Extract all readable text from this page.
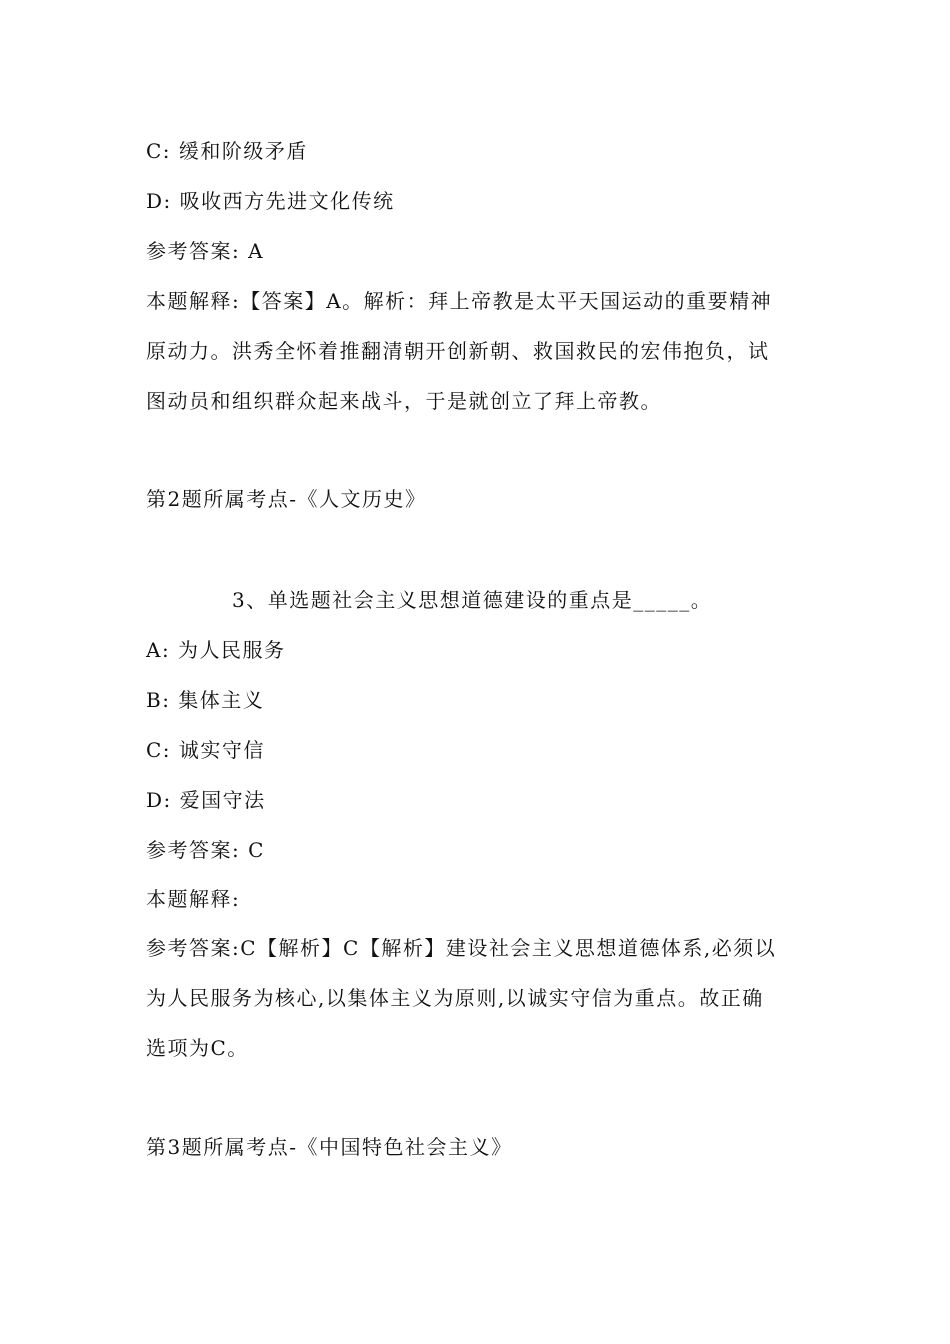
C: 缓和阶级矛盾
D: 吸收西方先进文化传统
参考答案: A
本题解释:【答案】A。解析：拜上帝教是太平天国运动的重要精神
原动力。洪秀全怀着推翻清朝开创新朝、救国救民的宏伟抱负，试
图动员和组织群众起来战斗，于是就创立了拜上帝教。
第2题所属考点-《人文历史》
3、单选题社会主义思想道德建设的重点是_____。
A: 为人民服务
B: 集体主义
C: 诚实守信
D: 爱国守法
参考答案: C
本题解释:
参考答案:C【解析】C【解析】建设社会主义思想道德体系,必须以
为人民服务为核心,以集体主义为原则,以诚实守信为重点。故正确
选项为C。
第3题所属考点-《中国特色社会主义》
